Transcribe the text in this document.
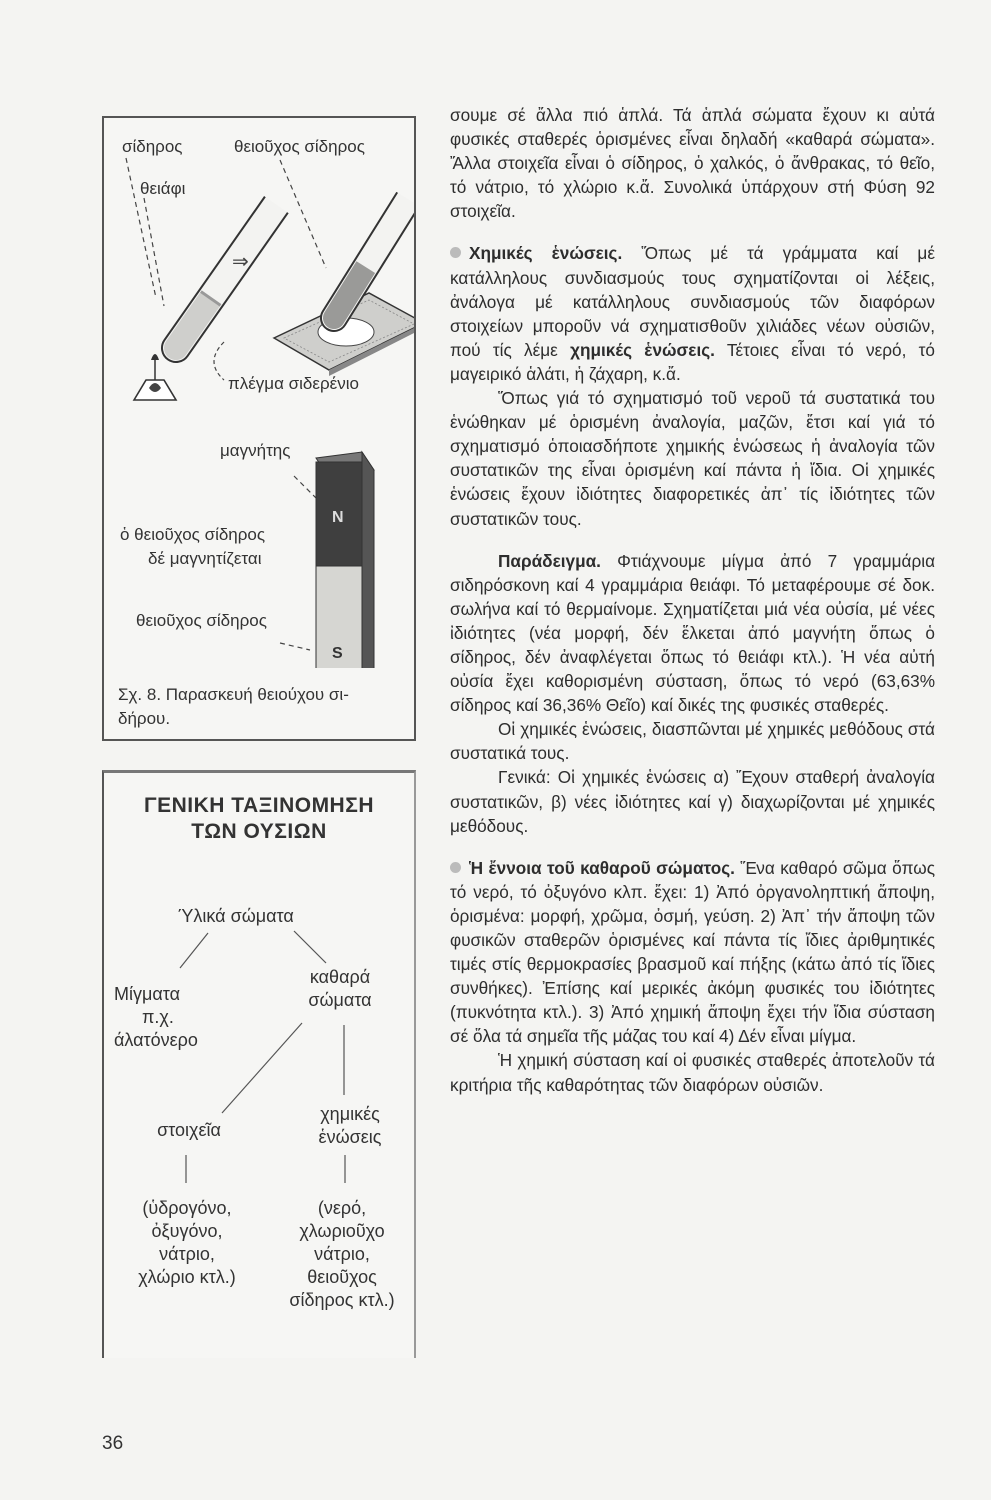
σίδηρος	θειοῦχος σίδηρος
θειάφι
πλέγμα σιδερένιο
⇒
μαγνήτης
ὁ θειοῦχος σίδηρος
δέ μαγνητίζεται
θειοῦχος σίδηρος
N
S
Σχ. 8. Παρασκευή θειούχου σι-
δήρου.
ΓΕΝΙΚΗ ΤΑΞΙΝΟΜΗΣΗ
ΤΩΝ ΟΥΣΙΩΝ
Ύλικά σώματα
Μίγματα
π.χ.
άλατόνερο
καθαρά
σώματα
στοιχεῖα
χημικές
ἑνώσεις
(ὑδρογόνο,
ὀξυγόνο,
νάτριο,
χλώριο κτλ.)
(νερό,
χλωριοῦχο
νάτριο,
θειοῦχος
σίδηρος κτλ.)

σουμε σέ ἄλλα πιό ἁπλά. Τά ἁπλά σώματα ἔχουν κι αὐτά φυσικές σταθερές ὁρισμένες εἶναι δηλαδή «καθαρά σώματα». Ἄλλα στοιχεῖα εἶναι ὁ σίδηρος, ὁ χαλκός, ὁ ἄνθρακας, τό θεῖο, τό νάτριο, τό χλώριο κ.ἄ. Συνολικά ὑπάρχουν στή Φύση 92 στοιχεῖα.

Χημικές ἑνώσεις. Ὅπως μέ τά γράμματα καί μέ κατάλληλους συνδιασμούς τους σχηματίζονται οἱ λέξεις, ἀνάλογα μέ κατάλληλους συνδιασμούς τῶν διαφόρων στοιχείων μποροῦν νά σχηματισθοῦν χιλιάδες νέων οὐσιῶν, πού τίς λέμε χημικές ἑνώσεις. Τέτοιες εἶναι τό νερό, τό μαγειρικό ἁλάτι, ἡ ζάχαρη, κ.ἄ.

Ὅπως γιά τό σχηματισμό τοῦ νεροῦ τά συστατικά του ἑνώθηκαν μέ ὁρισμένη ἀναλογία, μαζῶν, ἔτσι καί γιά τό σχηματισμό ὁποιασδήποτε χημικής ἑνώσεως ἡ ἀναλογία τῶν συστατικῶν της εἶναι ὁρισμένη καί πάντα ἡ ἴδια. Οἱ χημικές ἑνώσεις ἔχουν ἰδιότητες διαφορετικές ἀπ᾿ τίς ἰδιότητες τῶν συστατικῶν τους.

Παράδειγμα. Φτιάχνουμε μίγμα ἀπό 7 γραμμάρια σιδηρόσκονη καί 4 γραμμάρια θειάφι. Τό μεταφέρουμε σέ δοκ. σωλήνα καί τό θερμαίνομε. Σχηματίζεται μιά νέα οὐσία, μέ νέες ἰδιότητες (νέα μορφή, δέν ἕλκεται ἀπό μαγνήτη ὅπως ὁ σίδηρος, δέν ἀναφλέγεται ὅπως τό θειάφι κτλ.). Ἡ νέα αὐτή οὐσία ἔχει καθορισμένη σύσταση, ὅπως τό νερό (63,63% σίδηρος καί 36,36% Θεῖο) καί δικές της φυσικές σταθερές.

Οἱ χημικές ἑνώσεις, διασπῶνται μέ χημικές μεθόδους στά συστατικά τους.

Γενικά: Οἱ χημικές ἑνώσεις α) Ἔχουν σταθερή ἀναλογία συστατικῶν, β) νέες ἰδιότητες καί γ) διαχωρίζονται μέ χημικές μεθόδους.

Ἡ ἔννοια τοῦ καθαροῦ σώματος. Ἕνα καθαρό σῶμα ὅπως τό νερό, τό ὀξυγόνο κλπ. ἔχει: 1) Ἀπό ὀργανοληπτική ἄποψη, ὁρισμένα: μορφή, χρῶμα, ὀσμή, γεύση. 2) Ἀπ᾿ τήν ἄποψη τῶν φυσικῶν σταθερῶν ὁρισμένες καί πάντα τίς ἴδιες ἀριθμητικές τιμές στίς θερμοκρασίες βρασμοῦ καί πήξης (κάτω ἀπό τίς ἴδιες συνθήκες). Ἐπίσης καί μερικές ἀκόμη φυσικές του ἰδιότητες (πυκνότητα κτλ.). 3) Ἀπό χημική ἄποψη ἔχει τήν ἴδια σύσταση σέ ὅλα τά σημεῖα τῆς μάζας του καί 4) Δέν εἶναι μίγμα.

Ἡ χημική σύσταση καί οἱ φυσικές σταθερές ἀποτελοῦν τά κριτήρια τῆς καθαρότητας τῶν διαφόρων οὐσιῶν.

36
